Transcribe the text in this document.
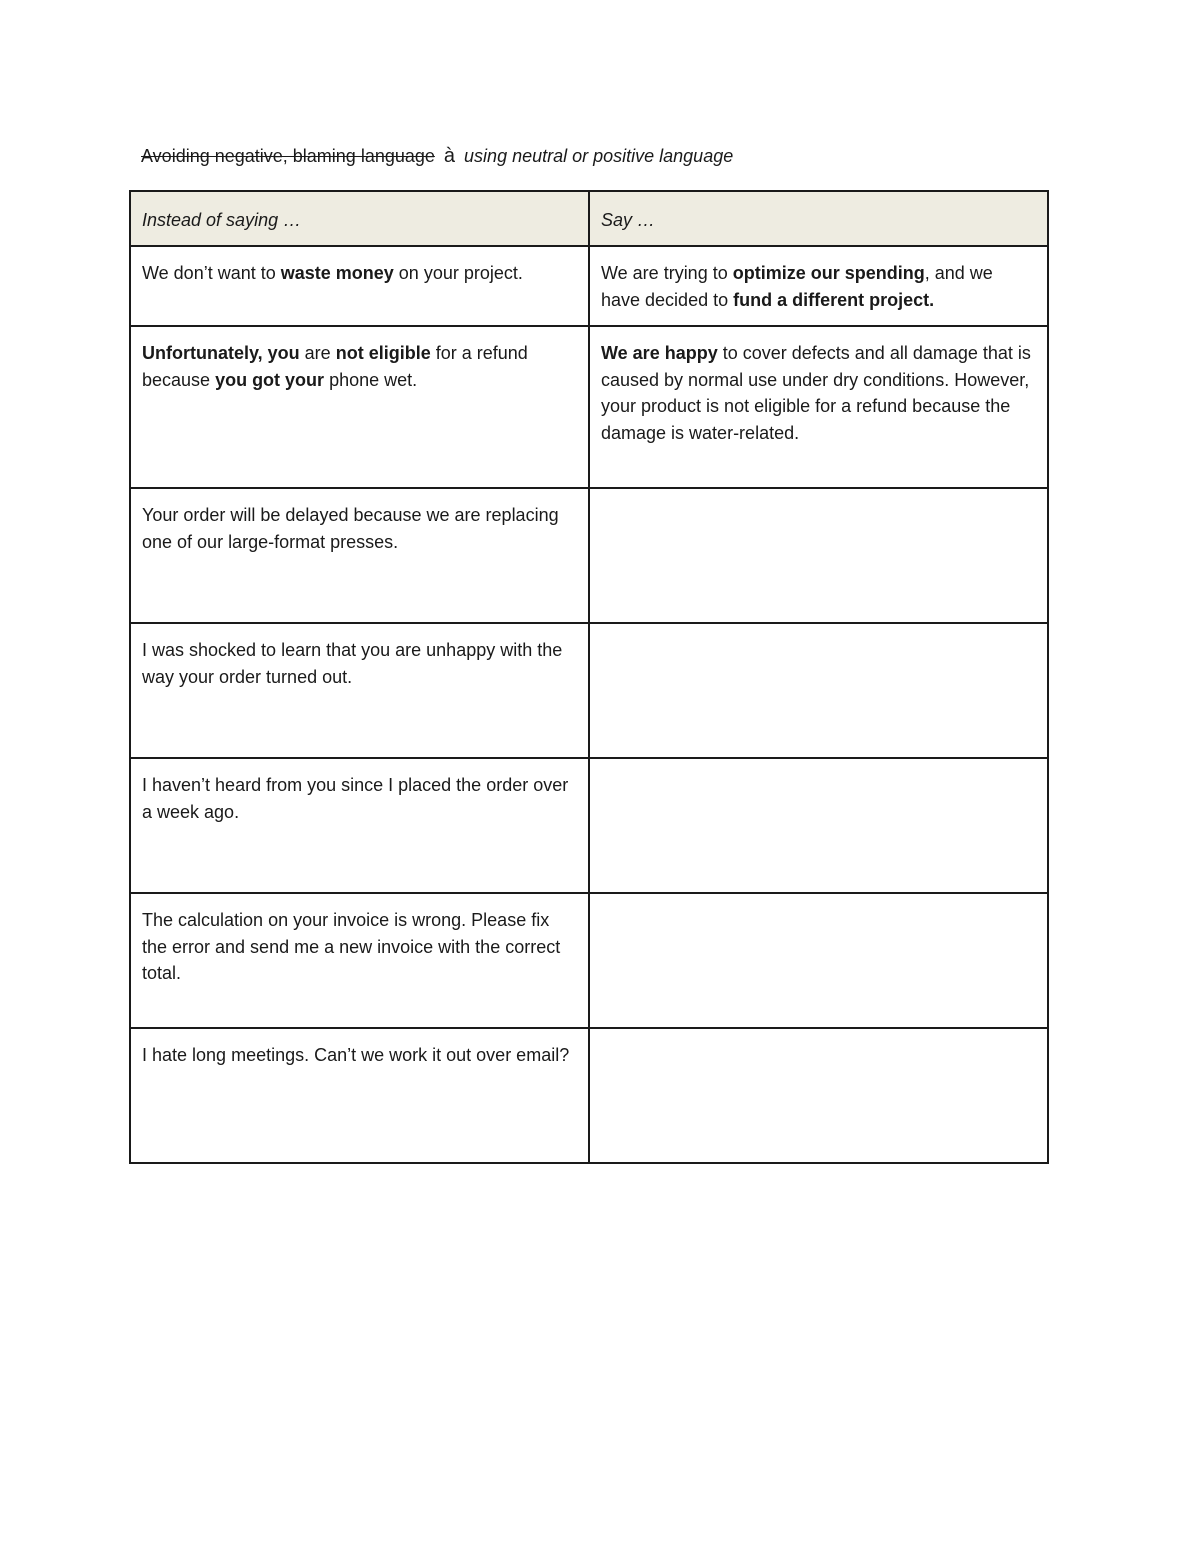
Avoiding negative, blaming language à using neutral or positive language
Instead of saying …	Say …
We don’t want to waste money on your project.	We are trying to optimize our spending, and we have decided to fund a different project.
Unfortunately, you are not eligible for a refund because you got your phone wet.	We are happy to cover defects and all damage that is caused by normal use under dry conditions. However, your product is not eligible for a refund because the damage is water-related.
Your order will be delayed because we are replacing one of our large-format presses.	
I was shocked to learn that you are unhappy with the way your order turned out.	
I haven’t heard from you since I placed the order over a week ago.	
The calculation on your invoice is wrong. Please fix the error and send me a new invoice with the correct total.	
I hate long meetings. Can’t we work it out over email?	
